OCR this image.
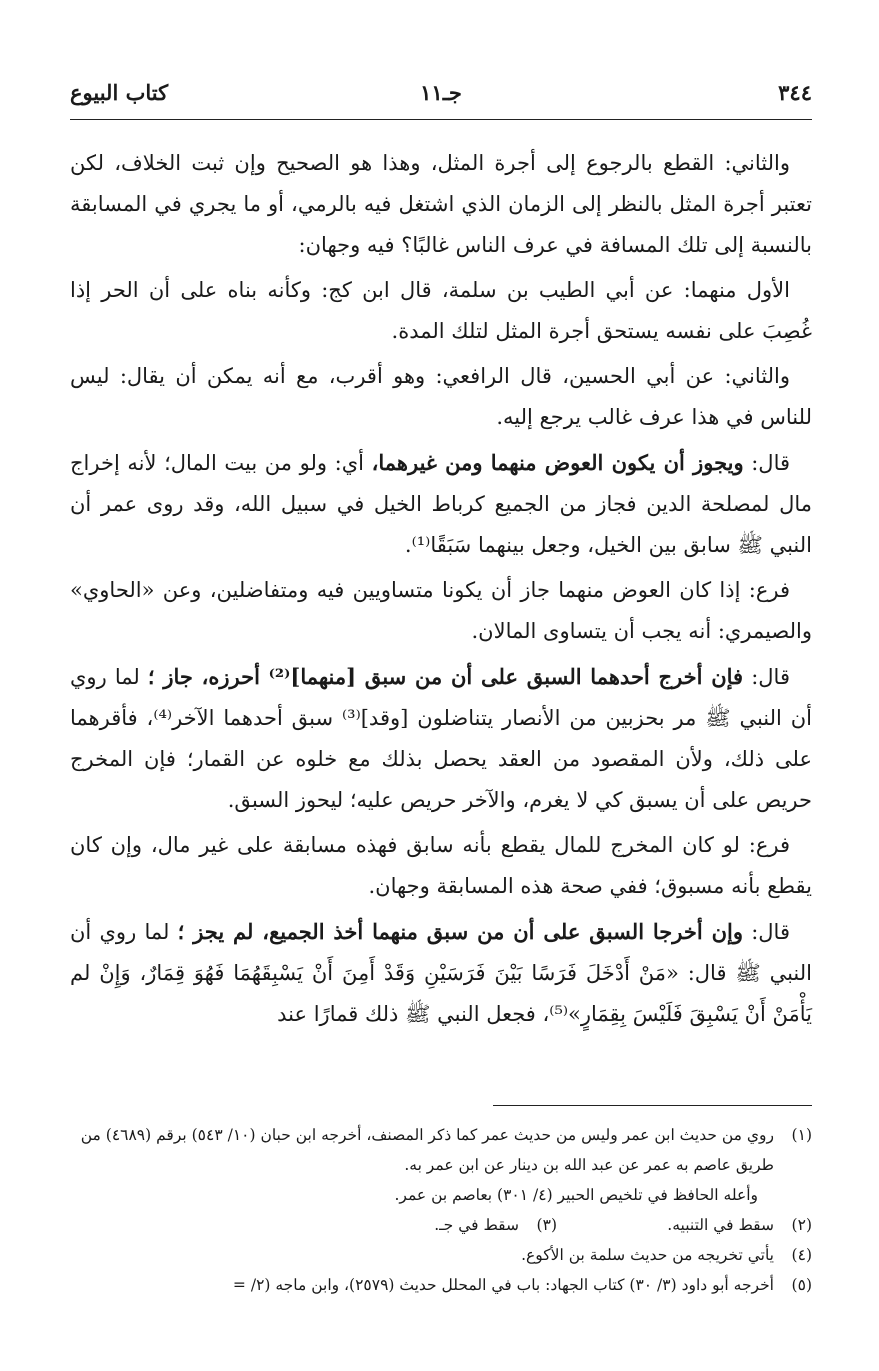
٣٤٤
جـ١١
كتاب البيوع

والثاني: القطع بالرجوع إلى أجرة المثل، وهذا هو الصحيح وإن ثبت الخلاف، لكن تعتبر أجرة المثل بالنظر إلى الزمان الذي اشتغل فيه بالرمي، أو ما يجري في المسابقة بالنسبة إلى تلك المسافة في عرف الناس غالبًا؟ فيه وجهان:

الأول منهما: عن أبي الطيب بن سلمة، قال ابن كج: وكأنه بناه على أن الحر إذا غُصِبَ على نفسه يستحق أجرة المثل لتلك المدة.

والثاني: عن أبي الحسين، قال الرافعي: وهو أقرب، مع أنه يمكن أن يقال: ليس للناس في هذا عرف غالب يرجع إليه.

قال: ويجوز أن يكون العوض منهما ومن غيرهما، أي: ولو من بيت المال؛ لأنه إخراج مال لمصلحة الدين فجاز من الجميع كرباط الخيل في سبيل الله، وقد روى عمر أن النبي ﷺ سابق بين الخيل، وجعل بينهما سَبَقًا⁽¹⁾.

فرع: إذا كان العوض منهما جاز أن يكونا متساويين فيه ومتفاضلين، وعن «الحاوي» والصيمري: أنه يجب أن يتساوى المالان.

قال: فإن أخرج أحدهما السبق على أن من سبق [منهما]⁽²⁾ أحرزه، جاز ؛ لما روي أن النبي ﷺ مر بحزبين من الأنصار يتناضلون [وقد]⁽³⁾ سبق أحدهما الآخر⁽⁴⁾، فأقرهما على ذلك، ولأن المقصود من العقد يحصل بذلك مع خلوه عن القمار؛ فإن المخرج حريص على أن يسبق كي لا يغرم، والآخر حريص عليه؛ ليحوز السبق.

فرع: لو كان المخرج للمال يقطع بأنه سابق فهذه مسابقة على غير مال، وإن كان يقطع بأنه مسبوق؛ ففي صحة هذه المسابقة وجهان.

قال: وإن أخرجا السبق على أن من سبق منهما أخذ الجميع، لم يجز ؛ لما روي أن النبي ﷺ قال: «مَنْ أَدْخَلَ فَرَسًا بَيْنَ فَرَسَيْنِ وَقَدْ أَمِنَ أَنْ يَسْبِقَهُمَا فَهُوَ قِمَارٌ، وَإِنْ لم يَأْمَنْ أَنْ يَسْبِقَ فَلَيْسَ بِقِمَارٍ»⁽⁵⁾، فجعل النبي ﷺ ذلك قمارًا عند

(١)
روي من حديث ابن عمر وليس من حديث عمر كما ذكر المصنف، أخرجه ابن حبان (١٠/ ٥٤٣) برقم (٤٦٨٩) من طريق عاصم به عمر عن عبد الله بن دينار عن ابن عمر به.
وأعله الحافظ في تلخيص الحبير (٤/ ٣٠١) بعاصم بن عمر.
(٢)
سقط في التنبيه.
(٣)
سقط في جـ.
(٤)
يأتي تخريجه من حديث سلمة بن الأكوع.
(٥)
أخرجه أبو داود (٣/ ٣٠) كتاب الجهاد: باب في المحلل حديث (٢٥٧٩)، وابن ماجه (٢/ =
